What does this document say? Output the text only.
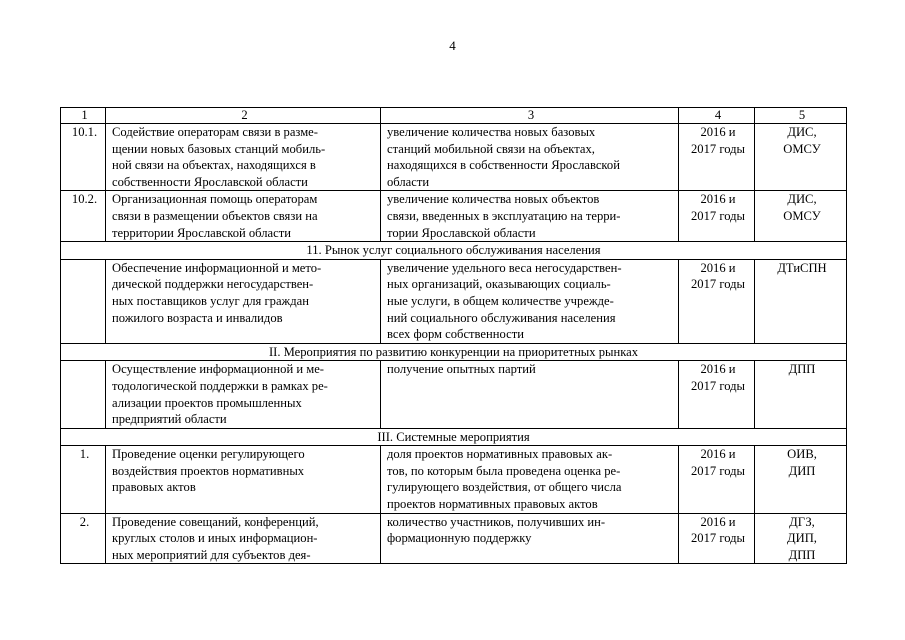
4
1	2	3	4	5
10.1.	Содействие операторам связи в разме-
щении новых базовых станций мобиль-
ной связи на объектах, находящихся в
собственности Ярославской области	увеличение количества новых базовых
станций мобильной связи на объектах,
находящихся в собственности Ярославской
области	2016 и
2017 годы	ДИС,
ОМСУ
10.2.	Организационная помощь операторам
связи в размещении объектов связи на
территории Ярославской области	увеличение количества новых объектов
связи, введенных в эксплуатацию на терри-
тории Ярославской области	2016 и
2017 годы	ДИС,
ОМСУ
11. Рынок услуг социального обслуживания населения				
	Обеспечение информационной и мето-
дической поддержки негосударствен-
ных поставщиков услуг для граждан
пожилого возраста и инвалидов	увеличение удельного веса негосударствен-
ных организаций, оказывающих социаль-
ные услуги, в общем количестве учрежде-
ний социального обслуживания населения
всех форм собственности	2016 и
2017 годы	ДТиСПН
II. Мероприятия по развитию конкуренции на приоритетных рынках				
	Осуществление информационной и ме-
тодологической поддержки в рамках ре-
ализации проектов промышленных
предприятий области	получение опытных партий	2016 и
2017 годы	ДПП
III. Системные мероприятия				
1.	Проведение оценки регулирующего
воздействия проектов нормативных
правовых актов	доля проектов нормативных правовых ак-
тов, по которым была проведена оценка ре-
гулирующего воздействия, от общего числа
проектов нормативных правовых актов	2016 и
2017 годы	ОИВ,
ДИП
2.	Проведение совещаний, конференций,
круглых столов и иных информацион-
ных мероприятий для субъектов дея-	количество участников, получивших ин-
формационную поддержку	2016 и
2017 годы	ДГЗ,
ДИП,
ДПП
